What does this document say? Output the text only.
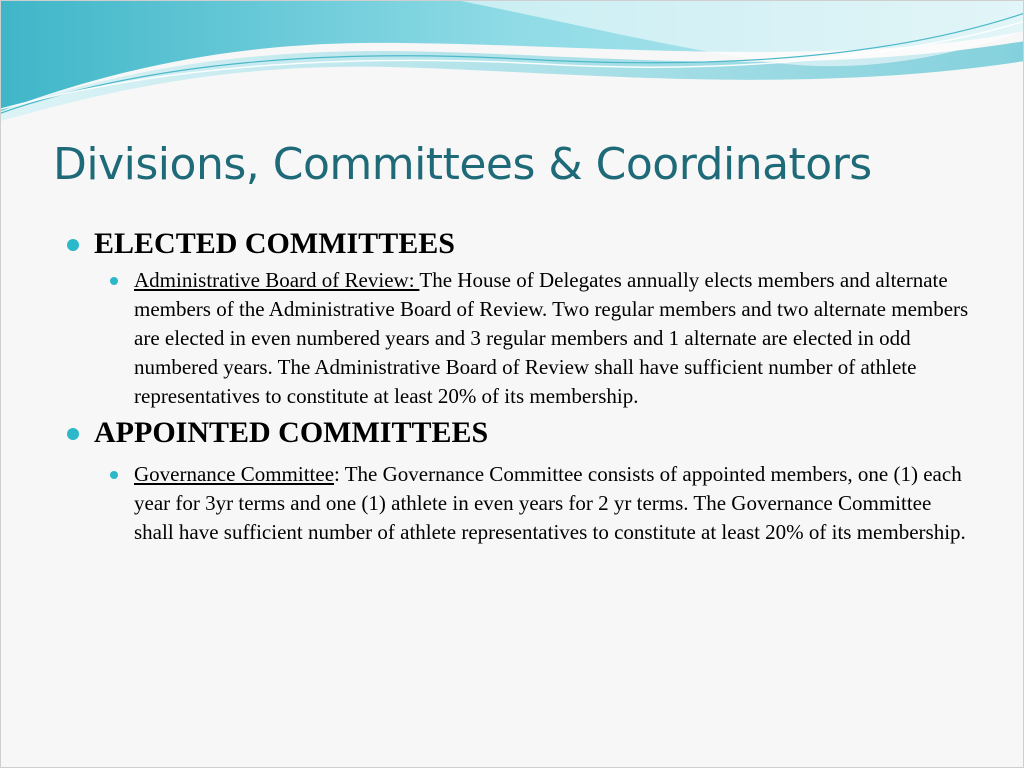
Divisions, Committees & Coordinators
ELECTED COMMITTEES

Administrative Board of Review: The House of Delegates annually elects members and alternate members of the Administrative Board of Review. Two regular members and two alternate members are elected in even numbered years and 3 regular members and 1 alternate are elected in odd numbered years. The Administrative Board of Review shall have sufficient number of athlete representatives to constitute at least 20% of its membership.

APPOINTED COMMITTEES

Governance Committee: The Governance Committee consists of appointed members, one (1) each year for 3yr terms and one (1) athlete in even years for 2 yr terms. The Governance Committee shall have sufficient number of athlete representatives to constitute at least 20% of its membership.
